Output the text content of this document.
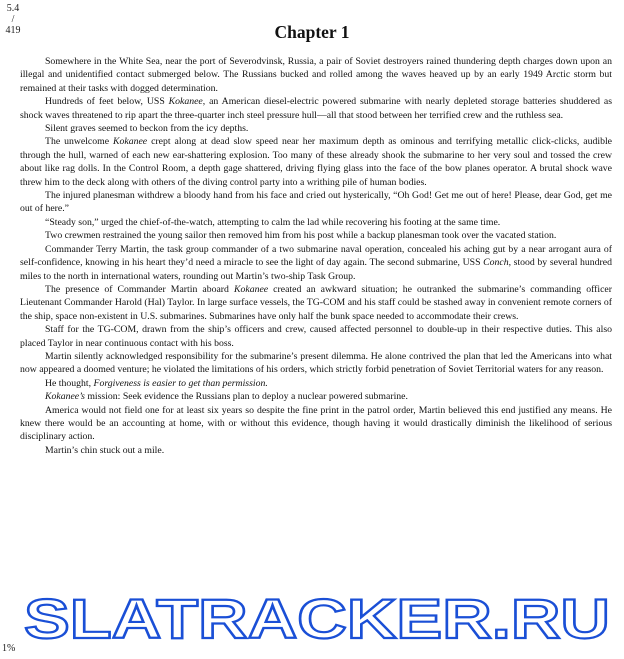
5.4
/
419	Chapter 1

Somewhere in the White Sea, near the port of Severodvinsk, Russia, a pair of Soviet destroyers rained thundering depth charges down upon an illegal and unidentified contact submerged below. The Russians bucked and rolled among the waves heaved up by an early 1949 Arctic storm but remained at their tasks with dogged determination.

Hundreds of feet below, USS Kokanee, an American diesel-electric powered submarine with nearly depleted storage batteries shuddered as shock waves threatened to rip apart the three-quarter inch steel pressure hull—all that stood between her terrified crew and the ruthless sea.

Silent graves seemed to beckon from the icy depths.

The unwelcome Kokanee crept along at dead slow speed near her maximum depth as ominous and terrifying metallic click-clicks, audible through the hull, warned of each new ear-shattering explosion. Too many of these already shook the submarine to her very soul and tossed the crew about like rag dolls. In the Control Room, a depth gage shattered, driving flying glass into the face of the bow planes operator. A brutal shock wave threw him to the deck along with others of the diving control party into a writhing pile of human bodies.

The injured planesman withdrew a bloody hand from his face and cried out hysterically, “Oh God! Get me out of here! Please, dear God, get me out of here.”

“Steady son,” urged the chief-of-the-watch, attempting to calm the lad while recovering his footing at the same time.

Two crewmen restrained the young sailor then removed him from his post while a backup planesman took over the vacated station.

Commander Terry Martin, the task group commander of a two submarine naval operation, concealed his aching gut by a near arrogant aura of self-confidence, knowing in his heart they’d need a miracle to see the light of day again. The second submarine, USS Conch, stood by several hundred miles to the north in international waters, rounding out Martin’s two-ship Task Group.

The presence of Commander Martin aboard Kokanee created an awkward situation; he outranked the submarine’s commanding officer Lieutenant Commander Harold (Hal) Taylor. In large surface vessels, the TG-COM and his staff could be stashed away in convenient remote corners of the ship, space non-existent in U.S. submarines. Submarines have only half the bunk space needed to accommodate their crews.

Staff for the TG-COM, drawn from the ship’s officers and crew, caused affected personnel to double-up in their respective duties. This also placed Taylor in near continuous contact with his boss.

Martin silently acknowledged responsibility for the submarine’s present dilemma. He alone contrived the plan that led the Americans into what now appeared a doomed venture; he violated the limitations of his orders, which strictly forbid penetration of Soviet Territorial waters for any reason.

He thought, Forgiveness is easier to get than permission.

Kokanee’s mission: Seek evidence the Russians plan to deploy a nuclear powered submarine.

America would not field one for at least six years so despite the fine print in the patrol order, Martin believed this end justified any means. He knew there would be an accounting at home, with or without this evidence, though having it would drastically diminish the likelihood of serious disciplinary action.

Martin’s chin stuck out a mile.

SLATRACKER.RU
1%
